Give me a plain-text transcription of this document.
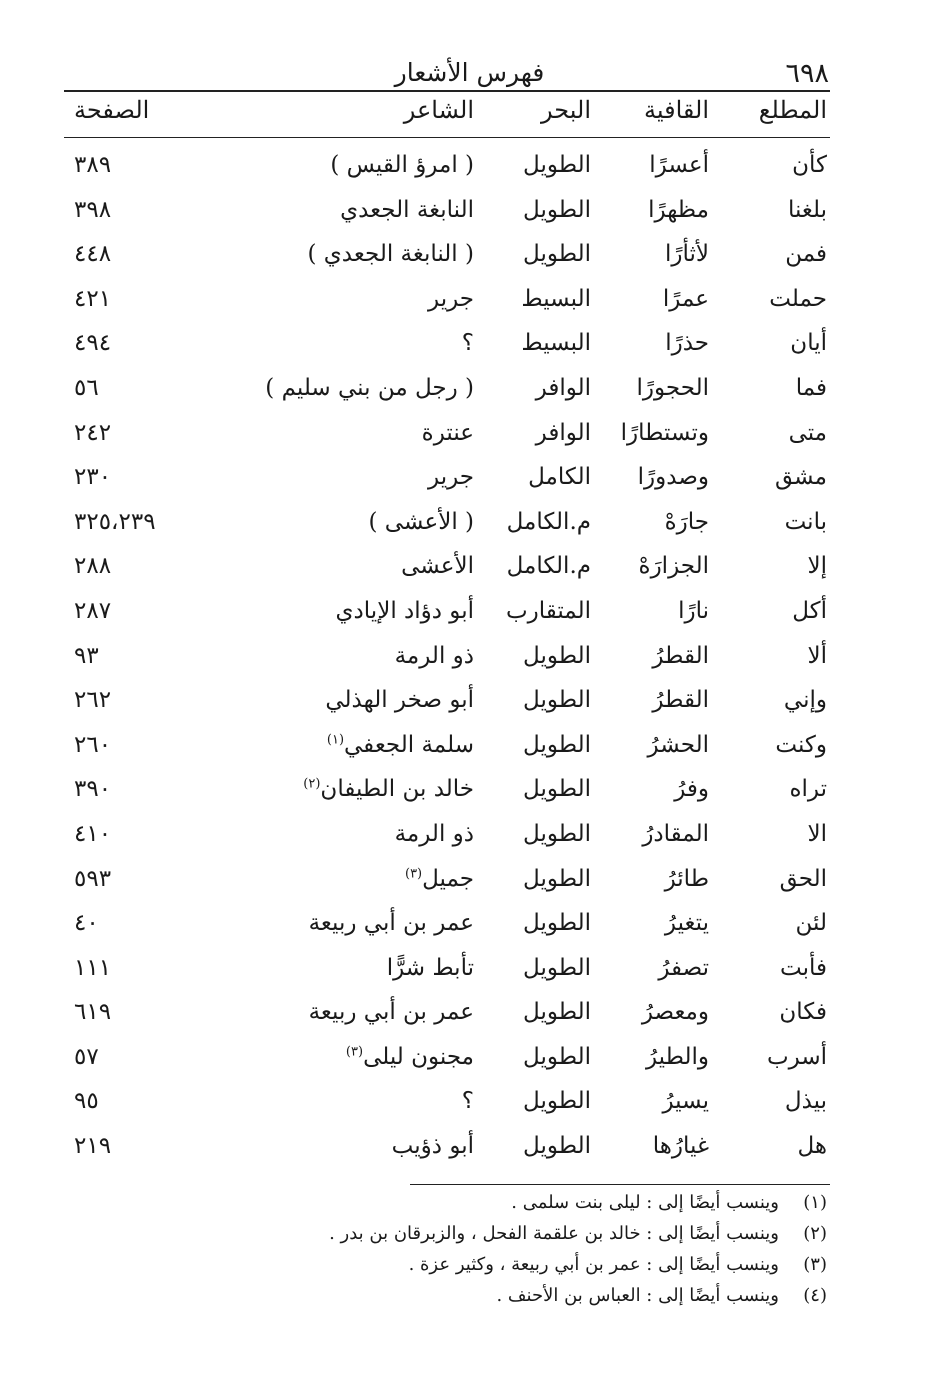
٦٩٨
فهرس الأشعار
المطلع
القافية
البحر
الشاعر
الصفحة
كأن
أعسرًا
الطويل
( امرؤ القيس )
٣٨٩
بلغنا
مظهرًا
الطويل
النابغة الجعدي
٣٩٨
فمن
لأثأرًا
الطويل
( النابغة الجعدي )
٤٤٨
حملت
عمرًا
البسيط
جرير
٤٢١
أيان
حذرًا
البسيط
؟
٤٩٤
فما
الحجورًا
الوافر
( رجل من بني سليم )
٥٦
متى
وتستطارًا
الوافر
عنترة
٢٤٢
مشق
وصدورًا
الكامل
جرير
٢٣٠
بانت
جارَهْ
م.الكامل
( الأعشى )
٣٢٥،٢٣٩
إلا
الجزارَهْ
م.الكامل
الأعشى
٢٨٨
أكل
نارًا
المتقارب
أبو دؤاد الإيادي
٢٨٧
ألا
القطرُ
الطويل
ذو الرمة
٩٣
وإني
القطرُ
الطويل
أبو صخر الهذلي
٢٦٢
وكنت
الحشرُ
الطويل
سلمة الجعفي$^{(١)}$
٢٦٠
تراه
وفرُ
الطويل
خالد بن الطيفان$^{(٢)}$
٣٩٠
الا
المقادرُ
الطويل
ذو الرمة
٤١٠
الحق
طائرُ
الطويل
جميل$^{(٣)}$
٥٩٣
لئن
يتغيرُ
الطويل
عمر بن أبي ربيعة
٤٠
فأبت
تصفرُ
الطويل
تأبط شرًّا
١١١
فكان
ومعصرُ
الطويل
عمر بن أبي ربيعة
٦١٩
أسرب
والطيرُ
الطويل
مجنون ليلى$^{(٣)}$
٥٧
بيذل
يسيرُ
الطويل
؟
٩٥
هل
غيارُها
الطويل
أبو ذؤيب
٢١٩
(١)
وينسب أيضًا إلى : ليلى بنت سلمى .
(٢)
وينسب أيضًا إلى : خالد بن علقمة الفحل ، والزبرقان بن بدر .
(٣)
وينسب أيضًا إلى : عمر بن أبي ربيعة ، وكثير عزة .
(٤)
وينسب أيضًا إلى : العباس بن الأحنف .
